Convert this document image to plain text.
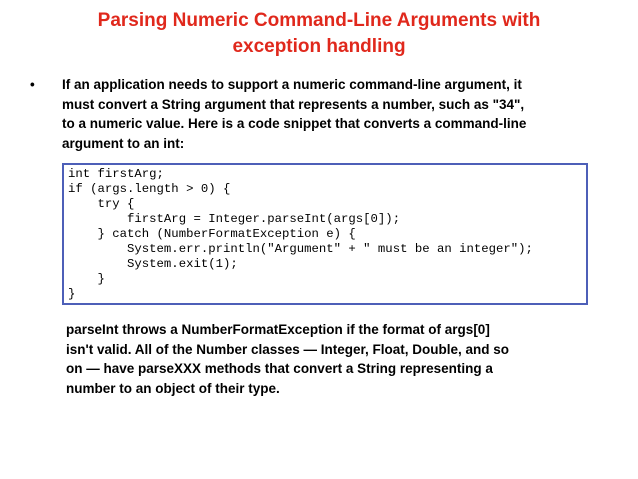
Parsing Numeric Command-Line Arguments with
exception handling
•	If an application needs to support a numeric command-line argument, it
must convert a String argument that represents a number, such as "34",
to a numeric value. Here is a code snippet that converts a command-line
argument to an int:
int firstArg;
if (args.length > 0) {
try {
firstArg = Integer.parseInt(args[0]);
} catch (NumberFormatException e) {
System.err.println("Argument" + " must be an integer");
System.exit(1);
}
}
parseInt throws a NumberFormatException if the format of args[0]
isn't valid. All of the Number classes — Integer, Float, Double, and so
on — have parseXXX methods that convert a String representing a
number to an object of their type.
